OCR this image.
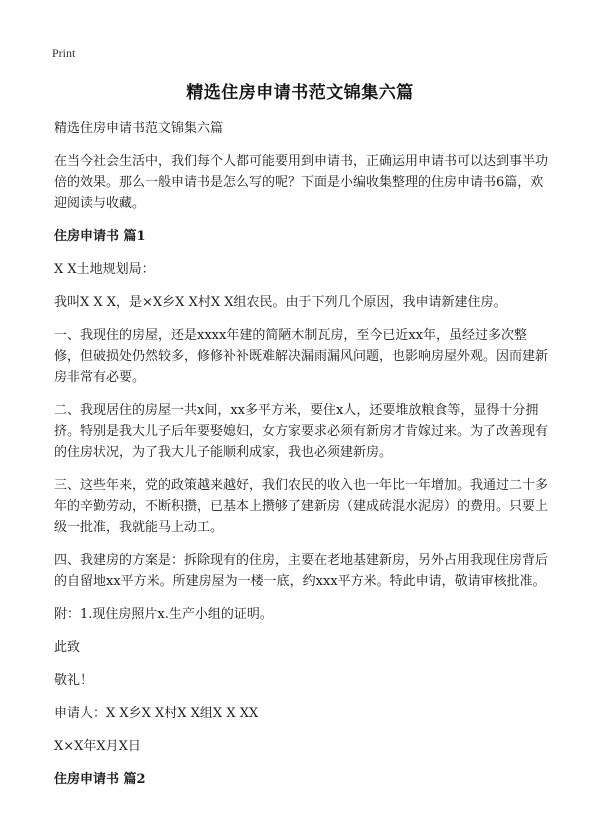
Print
精选住房申请书范文锦集六篇

精选住房申请书范文锦集六篇

在当今社会生活中，我们每个人都可能要用到申请书，正确运用申请书可以达到事半功倍的效果。那么一般申请书是怎么写的呢？下面是小编收集整理的住房申请书6篇，欢迎阅读与收藏。

住房申请书 篇1

X X土地规划局：

我叫X X X，是×X乡X X村X X组农民。由于下列几个原因，我申请新建住房。

一、我现住的房屋，还是xxxx年建的简陋木制瓦房，至今已近xx年，虽经过多次整修，但破损处仍然较多，修修补补既难解决漏雨漏风问题，也影响房屋外观。因而建新房非常有必要。

二、我现居住的房屋一共x间，xx多平方米，要住x人，还要堆放粮食等，显得十分拥挤。特别是我大儿子后年要娶媳妇，女方家要求必须有新房才肯嫁过来。为了改善现有的住房状况，为了我大儿子能顺利成家，我也必须建新房。

三、这些年来，党的政策越来越好，我们农民的收入也一年比一年增加。我通过二十多年的辛勤劳动，不断积攒，已基本上攒够了建新房（建成砖混水泥房）的费用。只要上级一批准，我就能马上动工。

四、我建房的方案是：拆除现有的住房，主要在老地基建新房，另外占用我现住房背后的自留地xx平方米。所建房屋为一楼一底，约xxx平方米。特此申请，敬请审核批准。

附：1.现住房照片x.生产小组的证明。

此致

敬礼！

申请人：X X乡X X村X X组X X XX

X×X年X月X日

住房申请书 篇2
